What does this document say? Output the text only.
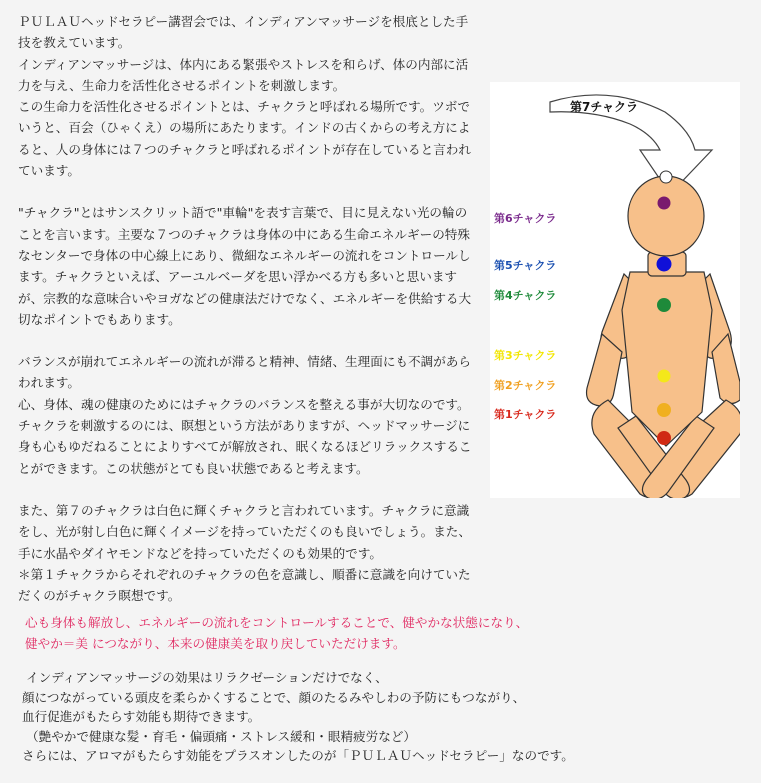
ＰＵＬＡＵヘッドセラピー講習会では、インディアンマッサージを根底とした手

技を教えています。

インディアンマッサージは、体内にある緊張やストレスを和らげ、体の内部に活

力を与え、生命力を活性化させるポイントを刺激します。

この生命力を活性化させるポイントとは、チャクラと呼ばれる場所です。ツボで

いうと、百会（ひゃくえ）の場所にあたります。インドの古くからの考え方によ

ると、人の身体には７つのチャクラと呼ばれるポイントが存在していると言われ

ています。

"チャクラ"とはサンスクリット語で"車輪"を表す言葉で、目に見えない光の輪の

ことを言います。主要な７つのチャクラは身体の中にある生命エネルギーの特殊

なセンターで身体の中心線上にあり、微細なエネルギーの流れをコントロールし

ます。チャクラといえば、アーユルベーダを思い浮かべる方も多いと思います

が、宗教的な意味合いやヨガなどの健康法だけでなく、エネルギーを供給する大

切なポイントでもあります。

バランスが崩れてエネルギーの流れが滞ると精神、情緒、生理面にも不調があら

われます。

心、身体、魂の健康のためにはチャクラのバランスを整える事が大切なのです。

チャクラを刺激するのには、瞑想という方法がありますが、ヘッドマッサージに

身も心もゆだねることによりすべてが解放され、眠くなるほどリラックスするこ

とができます。この状態がとても良い状態であると考えます。

また、第７のチャクラは白色に輝くチャクラと言われています。チャクラに意識

をし、光が射し白色に輝くイメージを持っていただくのも良いでしょう。また、

手に水晶やダイヤモンドなどを持っていただくのも効果的です。

＊第１チャクラからそれぞれのチャクラの色を意識し、順番に意識を向けていた

だくのがチャクラ瞑想です。

第7チャクラ
第6チャクラ
第5チャクラ
第4チャクラ
第3チャクラ
第2チャクラ
第1チャクラ

心も身体も解放し、エネルギーの流れをコントロールすることで、健やかな状態になり、

健やか＝美 につながり、本来の健康美を取り戻していただけます。

インディアンマッサージの効果はリラクゼーションだけでなく、

顔につながっている頭皮を柔らかくすることで、顔のたるみやしわの予防にもつながり、

血行促進がもたらす効能も期待できます。

（艶やかで健康な髪・育毛・偏頭痛・ストレス緩和・眼精疲労など）

さらには、アロマがもたらす効能をプラスオンしたのが「ＰＵＬＡＵヘッドセラピー」なのです。
